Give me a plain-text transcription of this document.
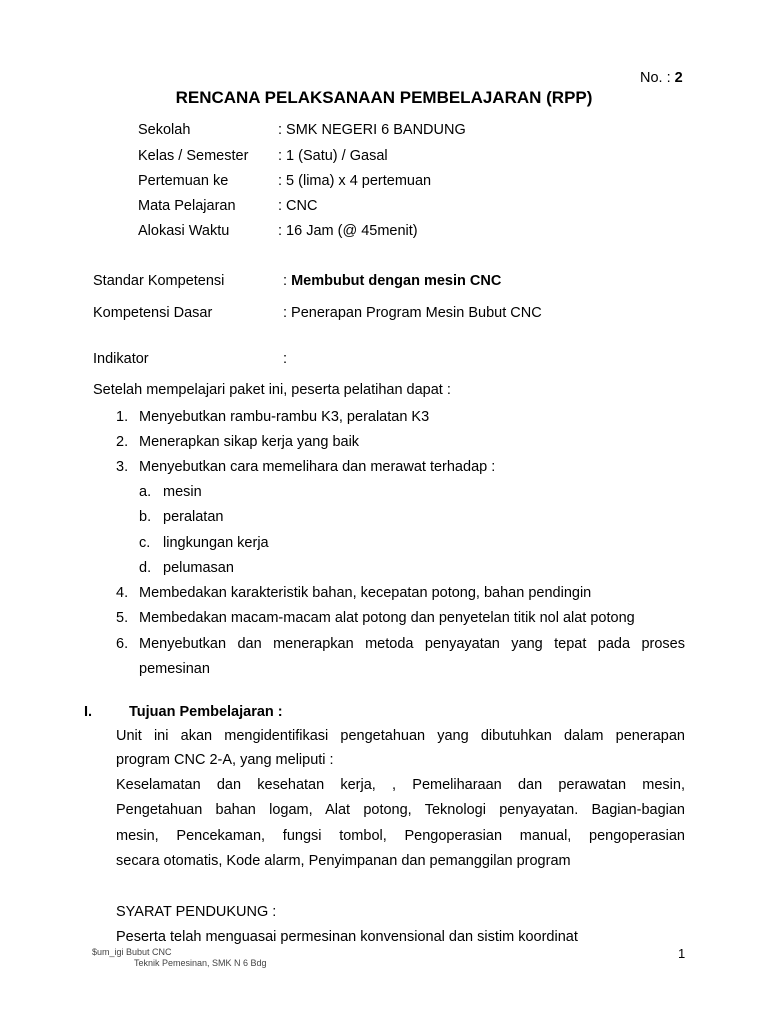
No. : 2
RENCANA PELAKSANAAN PEMBELAJARAN (RPP)
Sekolah	: SMK NEGERI 6 BANDUNG
Kelas / Semester : 1 (Satu) / Gasal
Pertemuan ke	: 5 (lima) x 4 pertemuan
Mata Pelajaran	: CNC
Alokasi Waktu	: 16 Jam (@ 45menit)
Standar Kompetensi	: Membubut dengan mesin CNC
Kompetensi Dasar	: Penerapan Program Mesin Bubut CNC
Indikator	:
Setelah mempelajari paket ini, peserta pelatihan dapat :
1. Menyebutkan rambu-rambu K3, peralatan K3
2. Menerapkan sikap kerja yang baik
3. Menyebutkan cara memelihara dan merawat terhadap :
a. mesin
b. peralatan
c. lingkungan kerja
d. pelumasan
4. Membedakan karakteristik bahan, kecepatan potong, bahan pendingin
5. Membedakan macam-macam alat potong dan penyetelan titik nol alat potong
6. Menyebutkan dan menerapkan metoda penyayatan yang tepat pada proses
pemesinan
I.	Tujuan Pembelajaran :
Unit ini akan mengidentifikasi pengetahuan yang dibutuhkan dalam penerapan
program CNC 2-A, yang meliputi :
Keselamatan dan kesehatan kerja, , Pemeliharaan dan perawatan mesin,
Pengetahuan bahan logam, Alat potong, Teknologi penyayatan. Bagian-bagian
mesin, Pencekaman, fungsi tombol, Pengoperasian manual, pengoperasian
secara otomatis, Kode alarm, Penyimpanan dan pemanggilan program
SYARAT PENDUKUNG :
Peserta telah menguasai permesinan konvensional dan sistim koordinat
$um_igi Bubut CNC
Teknik Pemesinan, SMK N 6 Bdg
1
